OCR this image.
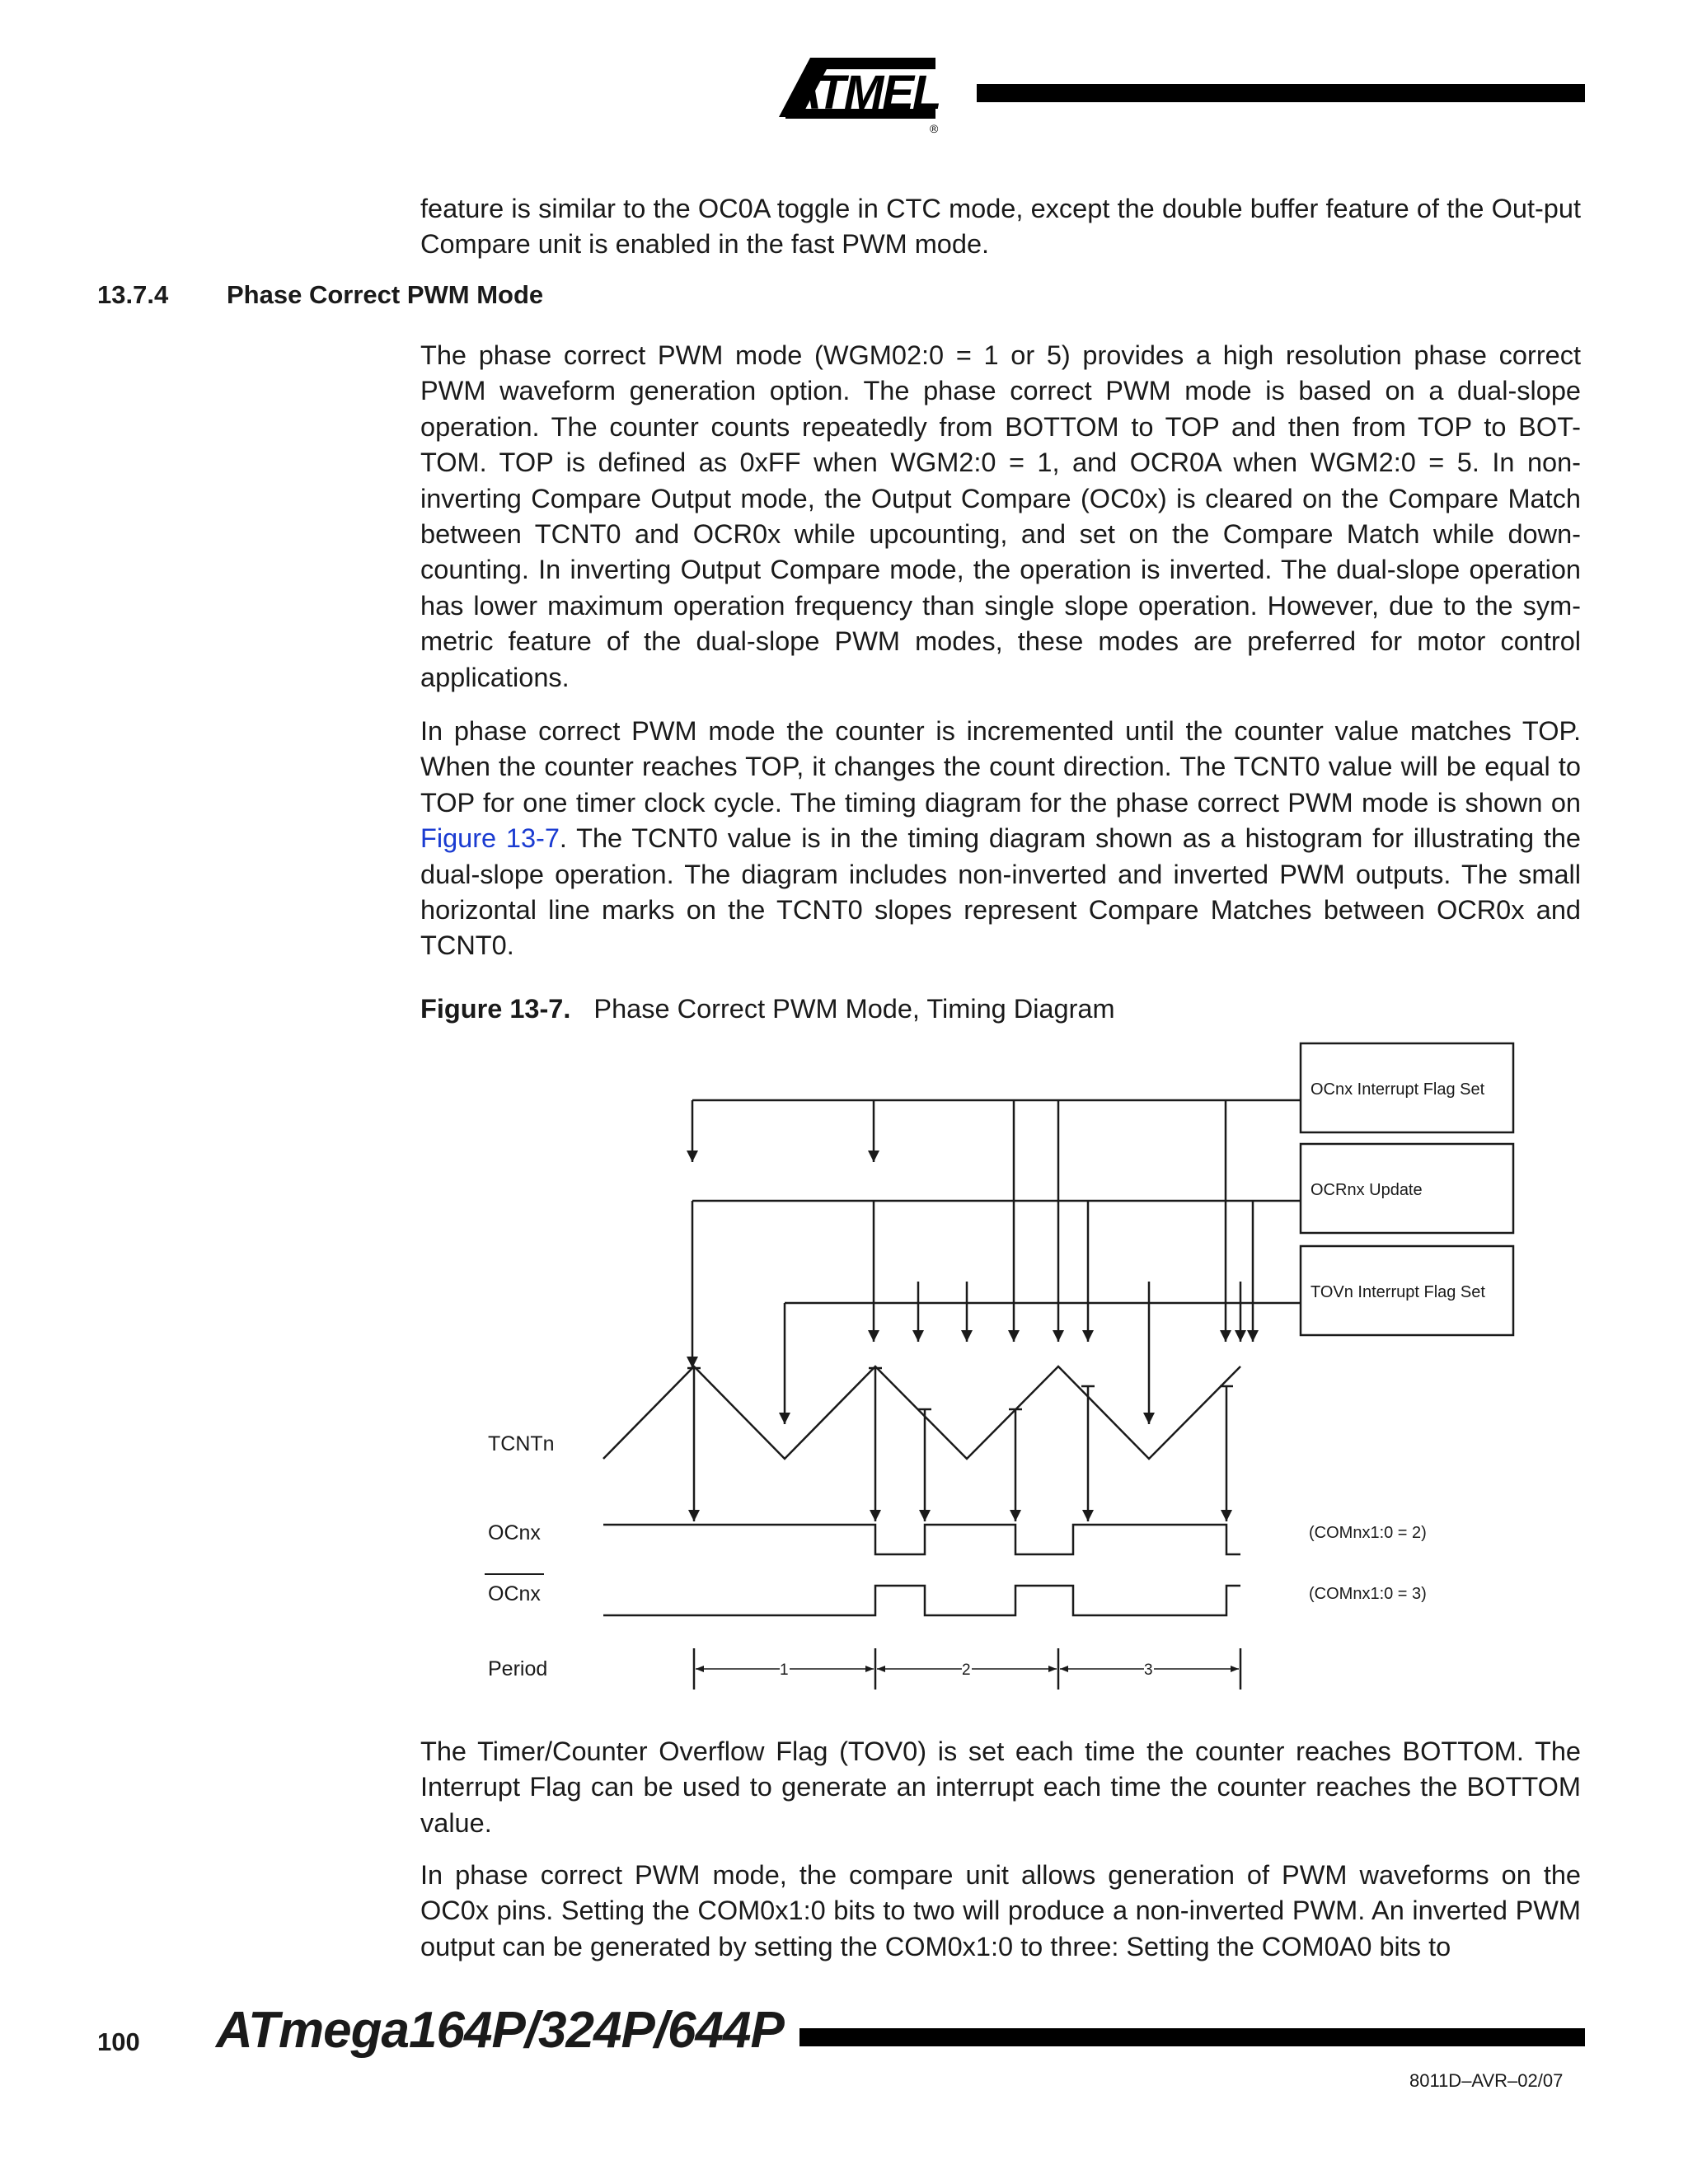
ATMEL
®

feature is similar to the OC0A toggle in CTC mode, except the double buffer feature of the Out-put Compare unit is enabled in the fast PWM mode.

13.7.4 Phase Correct PWM Mode

The phase correct PWM mode (WGM02:0 = 1 or 5) provides a high resolution phase correct PWM waveform generation option. The phase correct PWM mode is based on a dual-slope operation. The counter counts repeatedly from BOTTOM to TOP and then from TOP to BOT-TOM. TOP is defined as 0xFF when WGM2:0 = 1, and OCR0A when WGM2:0 = 5. In non-inverting Compare Output mode, the Output Compare (OC0x) is cleared on the Compare Match between TCNT0 and OCR0x while upcounting, and set on the Compare Match while down-counting. In inverting Output Compare mode, the operation is inverted. The dual-slope operation has lower maximum operation frequency than single slope operation. However, due to the sym-metric feature of the dual-slope PWM modes, these modes are preferred for motor control applications.

In phase correct PWM mode the counter is incremented until the counter value matches TOP. When the counter reaches TOP, it changes the count direction. The TCNT0 value will be equal to TOP for one timer clock cycle. The timing diagram for the phase correct PWM mode is shown on Figure 13-7. The TCNT0 value is in the timing diagram shown as a histogram for illustrating the dual-slope operation. The diagram includes non-inverted and inverted PWM outputs. The small horizontal line marks on the TCNT0 slopes represent Compare Matches between OCR0x and TCNT0.

Figure 13-7. Phase Correct PWM Mode, Timing Diagram
OCnx Interrupt Flag Set
OCRnx Update
TOVn Interrupt Flag Set
TCNTn
OCnx
OCnx
Period
(COMnx1:0 = 2)
(COMnx1:0 = 3)
1	2	3

The Timer/Counter Overflow Flag (TOV0) is set each time the counter reaches BOTTOM. The Interrupt Flag can be used to generate an interrupt each time the counter reaches the BOTTOM value.

In phase correct PWM mode, the compare unit allows generation of PWM waveforms on the OC0x pins. Setting the COM0x1:0 bits to two will produce a non-inverted PWM. An inverted PWM output can be generated by setting the COM0x1:0 to three: Setting the COM0A0 bits to

100 ATmega164P/324P/644P
8011D–AVR–02/07
